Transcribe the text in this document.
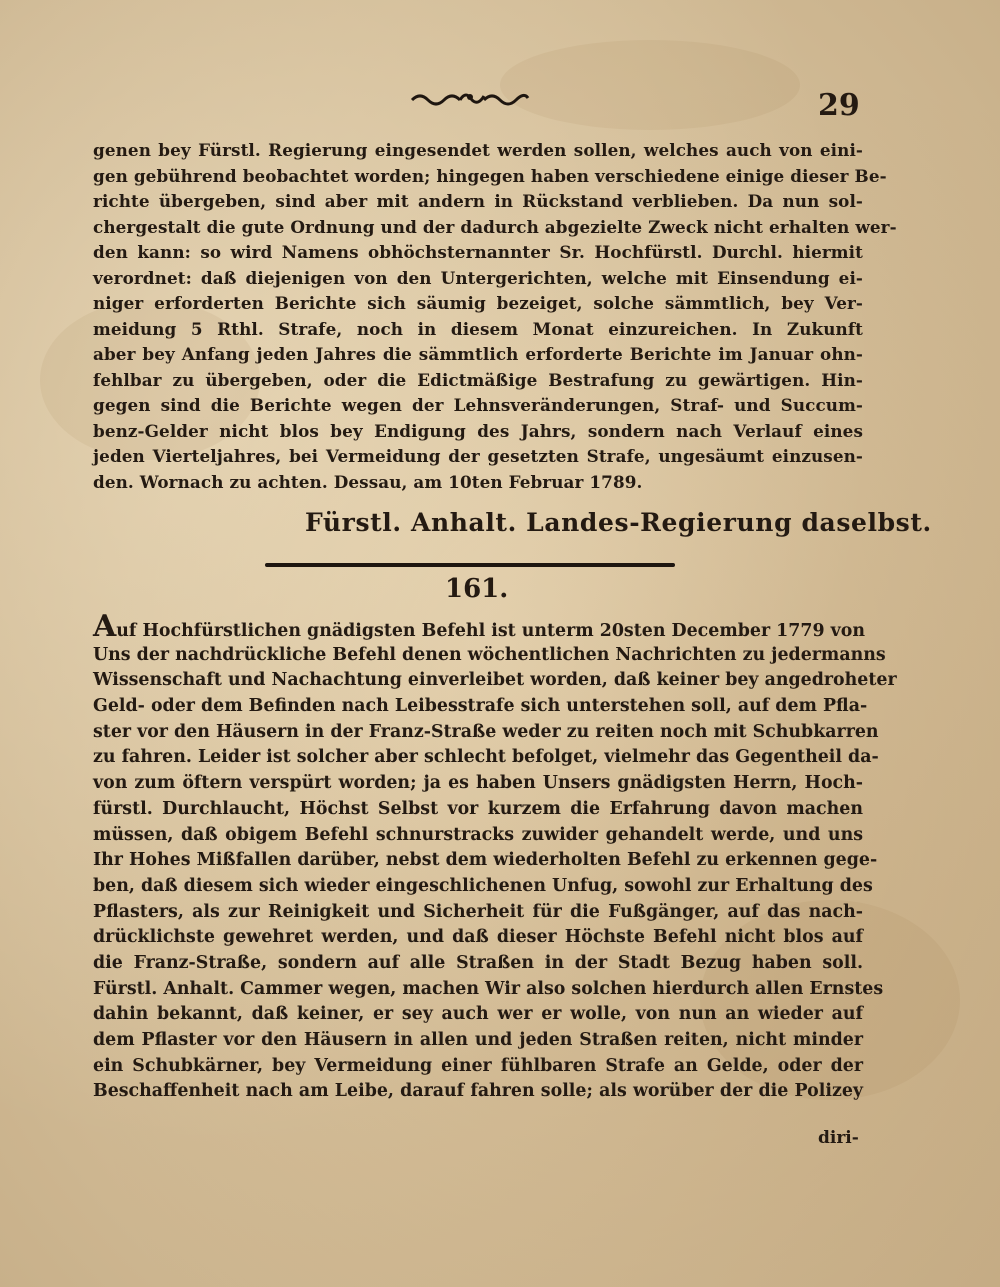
29
genen bey Fürstl. Regierung eingesendet werden sollen, welches auch von eini-
gen gebührend beobachtet worden; hingegen haben verschiedene einige dieser Be-
richte übergeben, sind aber mit andern in Rückstand verblieben. Da nun sol-
chergestalt die gute Ordnung und der dadurch abgezielte Zweck nicht erhalten wer-
den kann: so wird Namens obhöchsternannter Sr. Hochfürstl. Durchl. hiermit
verordnet: daß diejenigen von den Untergerichten, welche mit Einsendung ei-
niger erforderten Berichte sich säumig bezeiget, solche sämmtlich, bey Ver-
meidung 5 Rthl. Strafe, noch in diesem Monat einzureichen. In Zukunft
aber bey Anfang jeden Jahres die sämmtlich erforderte Berichte im Januar ohn-
fehlbar zu übergeben, oder die Edictmäßige Bestrafung zu gewärtigen. Hin-
gegen sind die Berichte wegen der Lehnsveränderungen, Straf- und Succum-
benz-Gelder nicht blos bey Endigung des Jahrs, sondern nach Verlauf eines
jeden Vierteljahres, bei Vermeidung der gesetzten Strafe, ungesäumt einzusen-
den. Wornach zu achten. Dessau, am 10ten Februar 1789.
Fürstl. Anhalt. Landes-Regierung daselbst.
161.
Auf Hochfürstlichen gnädigsten Befehl ist unterm 20sten December 1779 von
Uns der nachdrückliche Befehl denen wöchentlichen Nachrichten zu jedermanns
Wissenschaft und Nachachtung einverleibet worden, daß keiner bey angedroheter
Geld- oder dem Befinden nach Leibesstrafe sich unterstehen soll, auf dem Pfla-
ster vor den Häusern in der Franz-Straße weder zu reiten noch mit Schubkarren
zu fahren. Leider ist solcher aber schlecht befolget, vielmehr das Gegentheil da-
von zum öftern verspürt worden; ja es haben Unsers gnädigsten Herrn, Hoch-
fürstl. Durchlaucht, Höchst Selbst vor kurzem die Erfahrung davon machen
müssen, daß obigem Befehl schnurstracks zuwider gehandelt werde, und uns
Ihr Hohes Mißfallen darüber, nebst dem wiederholten Befehl zu erkennen gege-
ben, daß diesem sich wieder eingeschlichenen Unfug, sowohl zur Erhaltung des
Pflasters, als zur Reinigkeit und Sicherheit für die Fußgänger, auf das nach-
drücklichste gewehret werden, und daß dieser Höchste Befehl nicht blos auf
die Franz-Straße, sondern auf alle Straßen in der Stadt Bezug haben soll.
Fürstl. Anhalt. Cammer wegen, machen Wir also solchen hierdurch allen Ernstes
dahin bekannt, daß keiner, er sey auch wer er wolle, von nun an wieder auf
dem Pflaster vor den Häusern in allen und jeden Straßen reiten, nicht minder
ein Schubkärner, bey Vermeidung einer fühlbaren Strafe an Gelde, oder der
Beschaffenheit nach am Leibe, darauf fahren solle; als worüber der die Polizey
diri-
